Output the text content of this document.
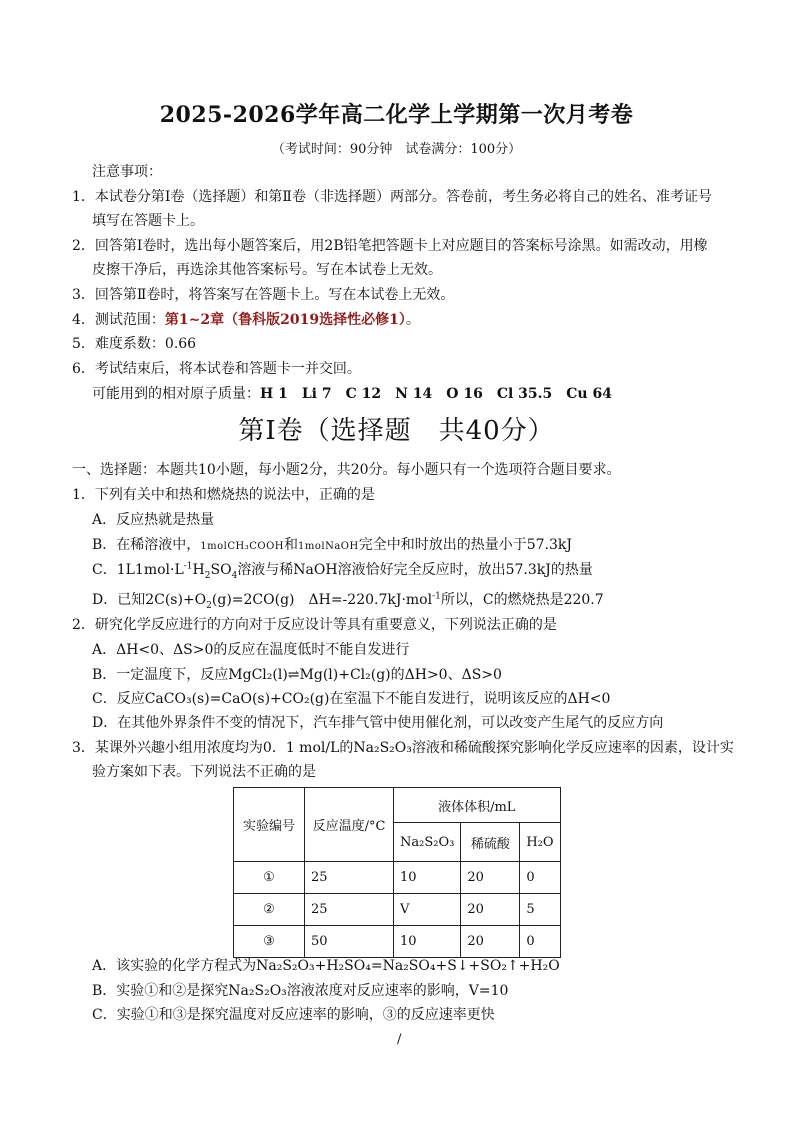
2025-2026学年高二化学上学期第一次月考卷
（考试时间：90分钟　试卷满分：100分）
注意事项：
1．本试卷分第Ⅰ卷（选择题）和第Ⅱ卷（非选择题）两部分。答卷前，考生务必将自己的姓名、准考证号
填写在答题卡上。
2．回答第Ⅰ卷时，选出每小题答案后，用2B铅笔把答题卡上对应题目的答案标号涂黑。如需改动，用橡
皮擦干净后，再选涂其他答案标号。写在本试卷上无效。
3．回答第Ⅱ卷时，将答案写在答题卡上。写在本试卷上无效。
4．测试范围：第1~2章（鲁科版2019选择性必修1）。
5．难度系数：0.66
6．考试结束后，将本试卷和答题卡一并交回。
可能用到的相对原子质量：H 1　Li 7　C 12　N 14　O 16　Cl 35.5　Cu 64
第Ⅰ卷（选择题　共40分）
一、选择题：本题共10小题，每小题2分，共20分。每小题只有一个选项符合题目要求。
1．下列有关中和热和燃烧热的说法中，正确的是
A．反应热就是热量
B．在稀溶液中，1molCH₃COOH和1molNaOH完全中和时放出的热量小于57.3kJ
C．$1L1mol\cdot L^{-1}H_2SO_4$溶液与稀NaOH溶液恰好完全反应时，放出57.3kJ的热量
D．已知$2C(s)+O_2(g)=2CO(g)$　ΔH=-220.7kJ·mol$^{-1}$所以，C的燃烧热是220.7
2．研究化学反应进行的方向对于反应设计等具有重要意义，下列说法正确的是
A．ΔH<0、ΔS>0的反应在温度低时不能自发进行
B．一定温度下，反应MgCl₂(l)⇌Mg(l)+Cl₂(g)的ΔH>0、ΔS>0
C．反应CaCO₃(s)=CaO(s)+CO₂(g)在室温下不能自发进行，说明该反应的ΔH<0
D．在其他外界条件不变的情况下，汽车排气管中使用催化剂，可以改变产生尾气的反应方向
3．某课外兴趣小组用浓度均为0．1 mol/L的Na₂S₂O₃溶液和稀硫酸探究影响化学反应速率的因素，设计实
验方案如下表。下列说法不正确的是
实验编号	反应温度/°C	液体体积/mL		
		Na₂S₂O₃	稀硫酸	H₂O
①	25	10	20	0
②	25	V	20	5
③	50	10	20	0
A．该实验的化学方程式为Na₂S₂O₃+H₂SO₄=Na₂SO₄+S↓+SO₂↑+H₂O
B．实验①和②是探究Na₂S₂O₃溶液浓度对反应速率的影响，V=10
C．实验①和③是探究温度对反应速率的影响，③的反应速率更快
/
